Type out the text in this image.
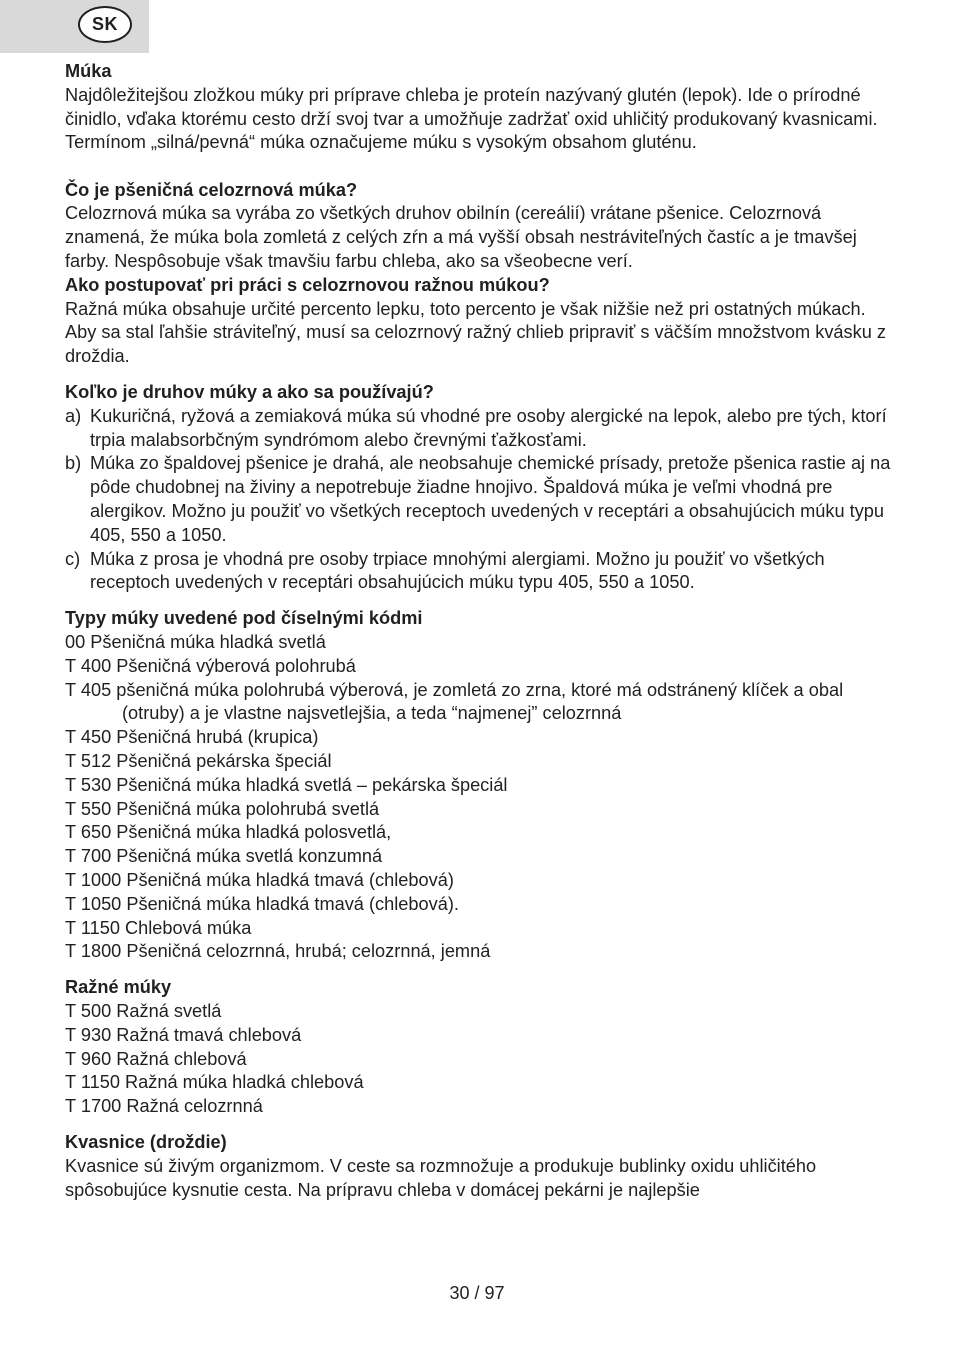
SK

Múka

Najdôležitejšou zložkou múky pri príprave chleba je proteín nazývaný glutén (lepok). Ide o prírodné činidlo, vďaka ktorému cesto drží svoj tvar a umožňuje zadržať oxid uhličitý produkovaný kvasnicami. Termínom „silná/pevná“ múka označujeme múku s vysokým obsahom gluténu.

Čo je pšeničná celozrnová múka?

Celozrnová múka sa vyrába zo všetkých druhov obilnín (cereálií) vrátane pšenice. Celozrnová znamená, že múka bola zomletá z celých zŕn a má vyšší obsah nestráviteľných častíc a je tmavšej farby. Nespôsobuje však tmavšiu farbu chleba, ako sa všeobecne verí.

Ako postupovať pri práci s celozrnovou ražnou múkou?

Ražná múka obsahuje určité percento lepku, toto percento je však nižšie než pri ostatných múkach. Aby sa stal ľahšie stráviteľný, musí sa celozrnový ražný chlieb pripraviť s väčším množstvom kvásku z droždia.

Koľko je druhov múky a ako sa používajú?

a) Kukuričná, ryžová a zemiaková múka sú vhodné pre osoby alergické na lepok, alebo pre tých, ktorí trpia malabsorbčným syndrómom alebo črevnými ťažkosťami.
b) Múka zo špaldovej pšenice je drahá, ale neobsahuje chemické prísady, pretože pšenica rastie aj na pôde chudobnej na živiny a nepotrebuje žiadne hnojivo. Špaldová múka je veľmi vhodná pre alergikov. Možno ju použiť vo všetkých receptoch uvedených v receptári a obsahujúcich múku typu 405, 550 a 1050.
c) Múka z prosa je vhodná pre osoby trpiace mnohými alergiami. Možno ju použiť vo všetkých receptoch uvedených v receptári obsahujúcich múku typu 405, 550 a 1050.

Typy múky uvedené pod číselnými kódmi

00 Pšeničná múka hladká svetlá

T 400 Pšeničná výberová polohrubá

T 405 pšeničná múka polohrubá výberová, je zomletá zo zrna, ktoré má odstránený klíček a obal (otruby) a je vlastne najsvetlejšia, a teda “najmenej” celozrnná

T 450 Pšeničná hrubá (krupica)

T 512 Pšeničná pekárska špeciál

T 530 Pšeničná múka hladká svetlá – pekárska špeciál

T 550 Pšeničná múka polohrubá svetlá

T 650 Pšeničná múka hladká polosvetlá,

T 700 Pšeničná múka svetlá konzumná

T 1000 Pšeničná múka hladká tmavá (chlebová)

T 1050 Pšeničná múka hladká tmavá (chlebová).

T 1150 Chlebová múka

T 1800 Pšeničná celozrnná, hrubá; celozrnná, jemná

Ražné múky

T 500 Ražná svetlá

T 930 Ražná tmavá chlebová

T 960 Ražná chlebová

T 1150 Ražná múka hladká chlebová

T 1700 Ražná celozrnná

Kvasnice (droždie)

Kvasnice sú živým organizmom. V ceste sa rozmnožuje a produkuje bublinky oxidu uhličitého spôsobujúce kysnutie cesta. Na prípravu chleba v domácej pekárni je najlepšie

30 / 97
